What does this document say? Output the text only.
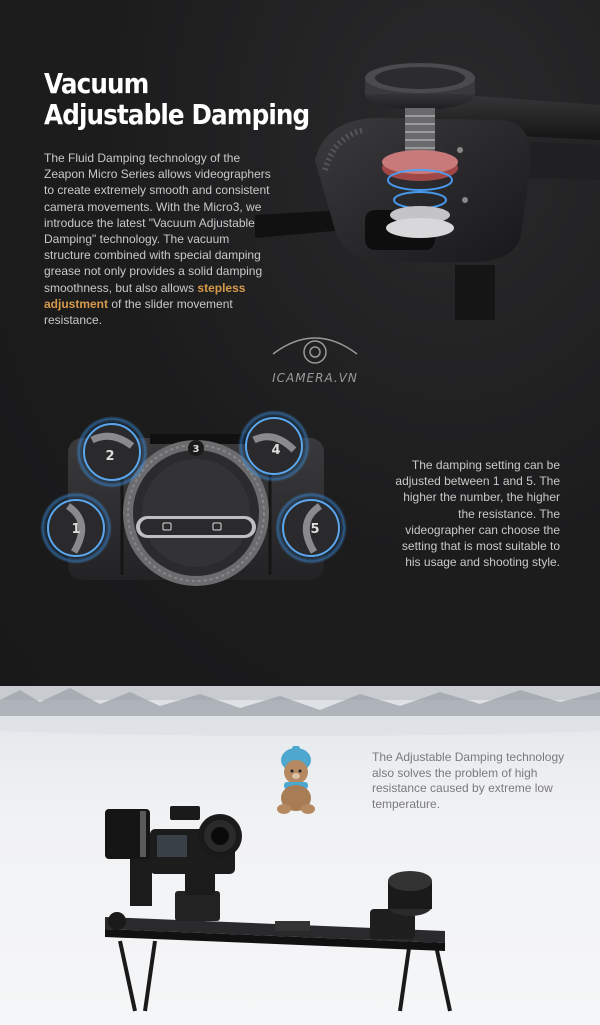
Vacuum
Adjustable Damping

The Fluid Damping technology of the Zeapon Micro Series allows videographers to create extremely smooth and consistent camera movements. With the Micro3, we introduce the latest "Vacuum Adjustable Damping" technology. The vacuum structure combined with special damping grease not only provides a solid damping smoothness, but also allows stepless adjustment of the slider movement resistance.

ICAMERA.VN
3
2
1
4
5

The damping setting can be adjusted between 1 and 5. The higher the number, the higher the resistance. The videographer can choose the setting that is most suitable to his usage and shooting style.

The Adjustable Damping technology also solves the problem of high resistance caused by extreme low temperature.
